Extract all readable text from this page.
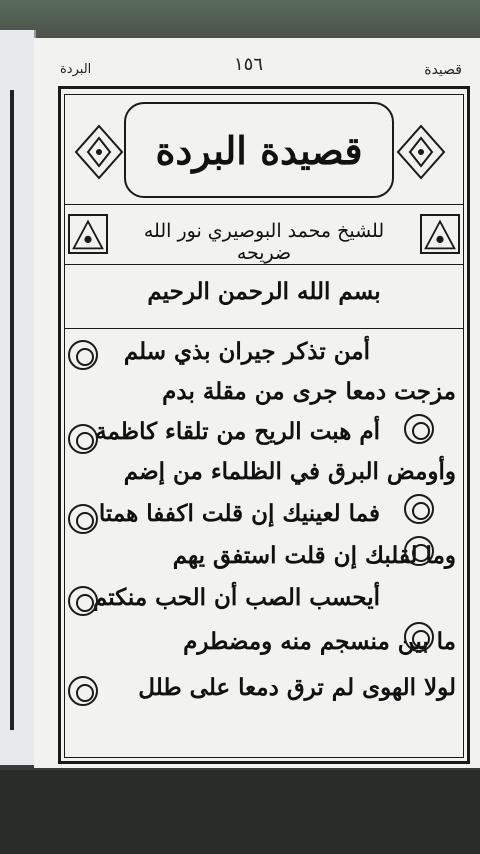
البردة	١٥٦	قصيدة
قصيدة البردة
للشيخ محمد البوصيري نور الله ضريحه
بسم الله الرحمن الرحيم
أمن تذكر جيران بذي سلم
مزجت دمعا جرى من مقلة بدم
أم هبت الريح من تلقاء كاظمة
وأومض البرق في الظلماء من إضم
فما لعينيك إن قلت اكففا همتا
وما لقلبك إن قلت استفق يهم
أيحسب الصب أن الحب منكتم
ما بين منسجم منه ومضطرم
لولا الهوى لم ترق دمعا على طلل
